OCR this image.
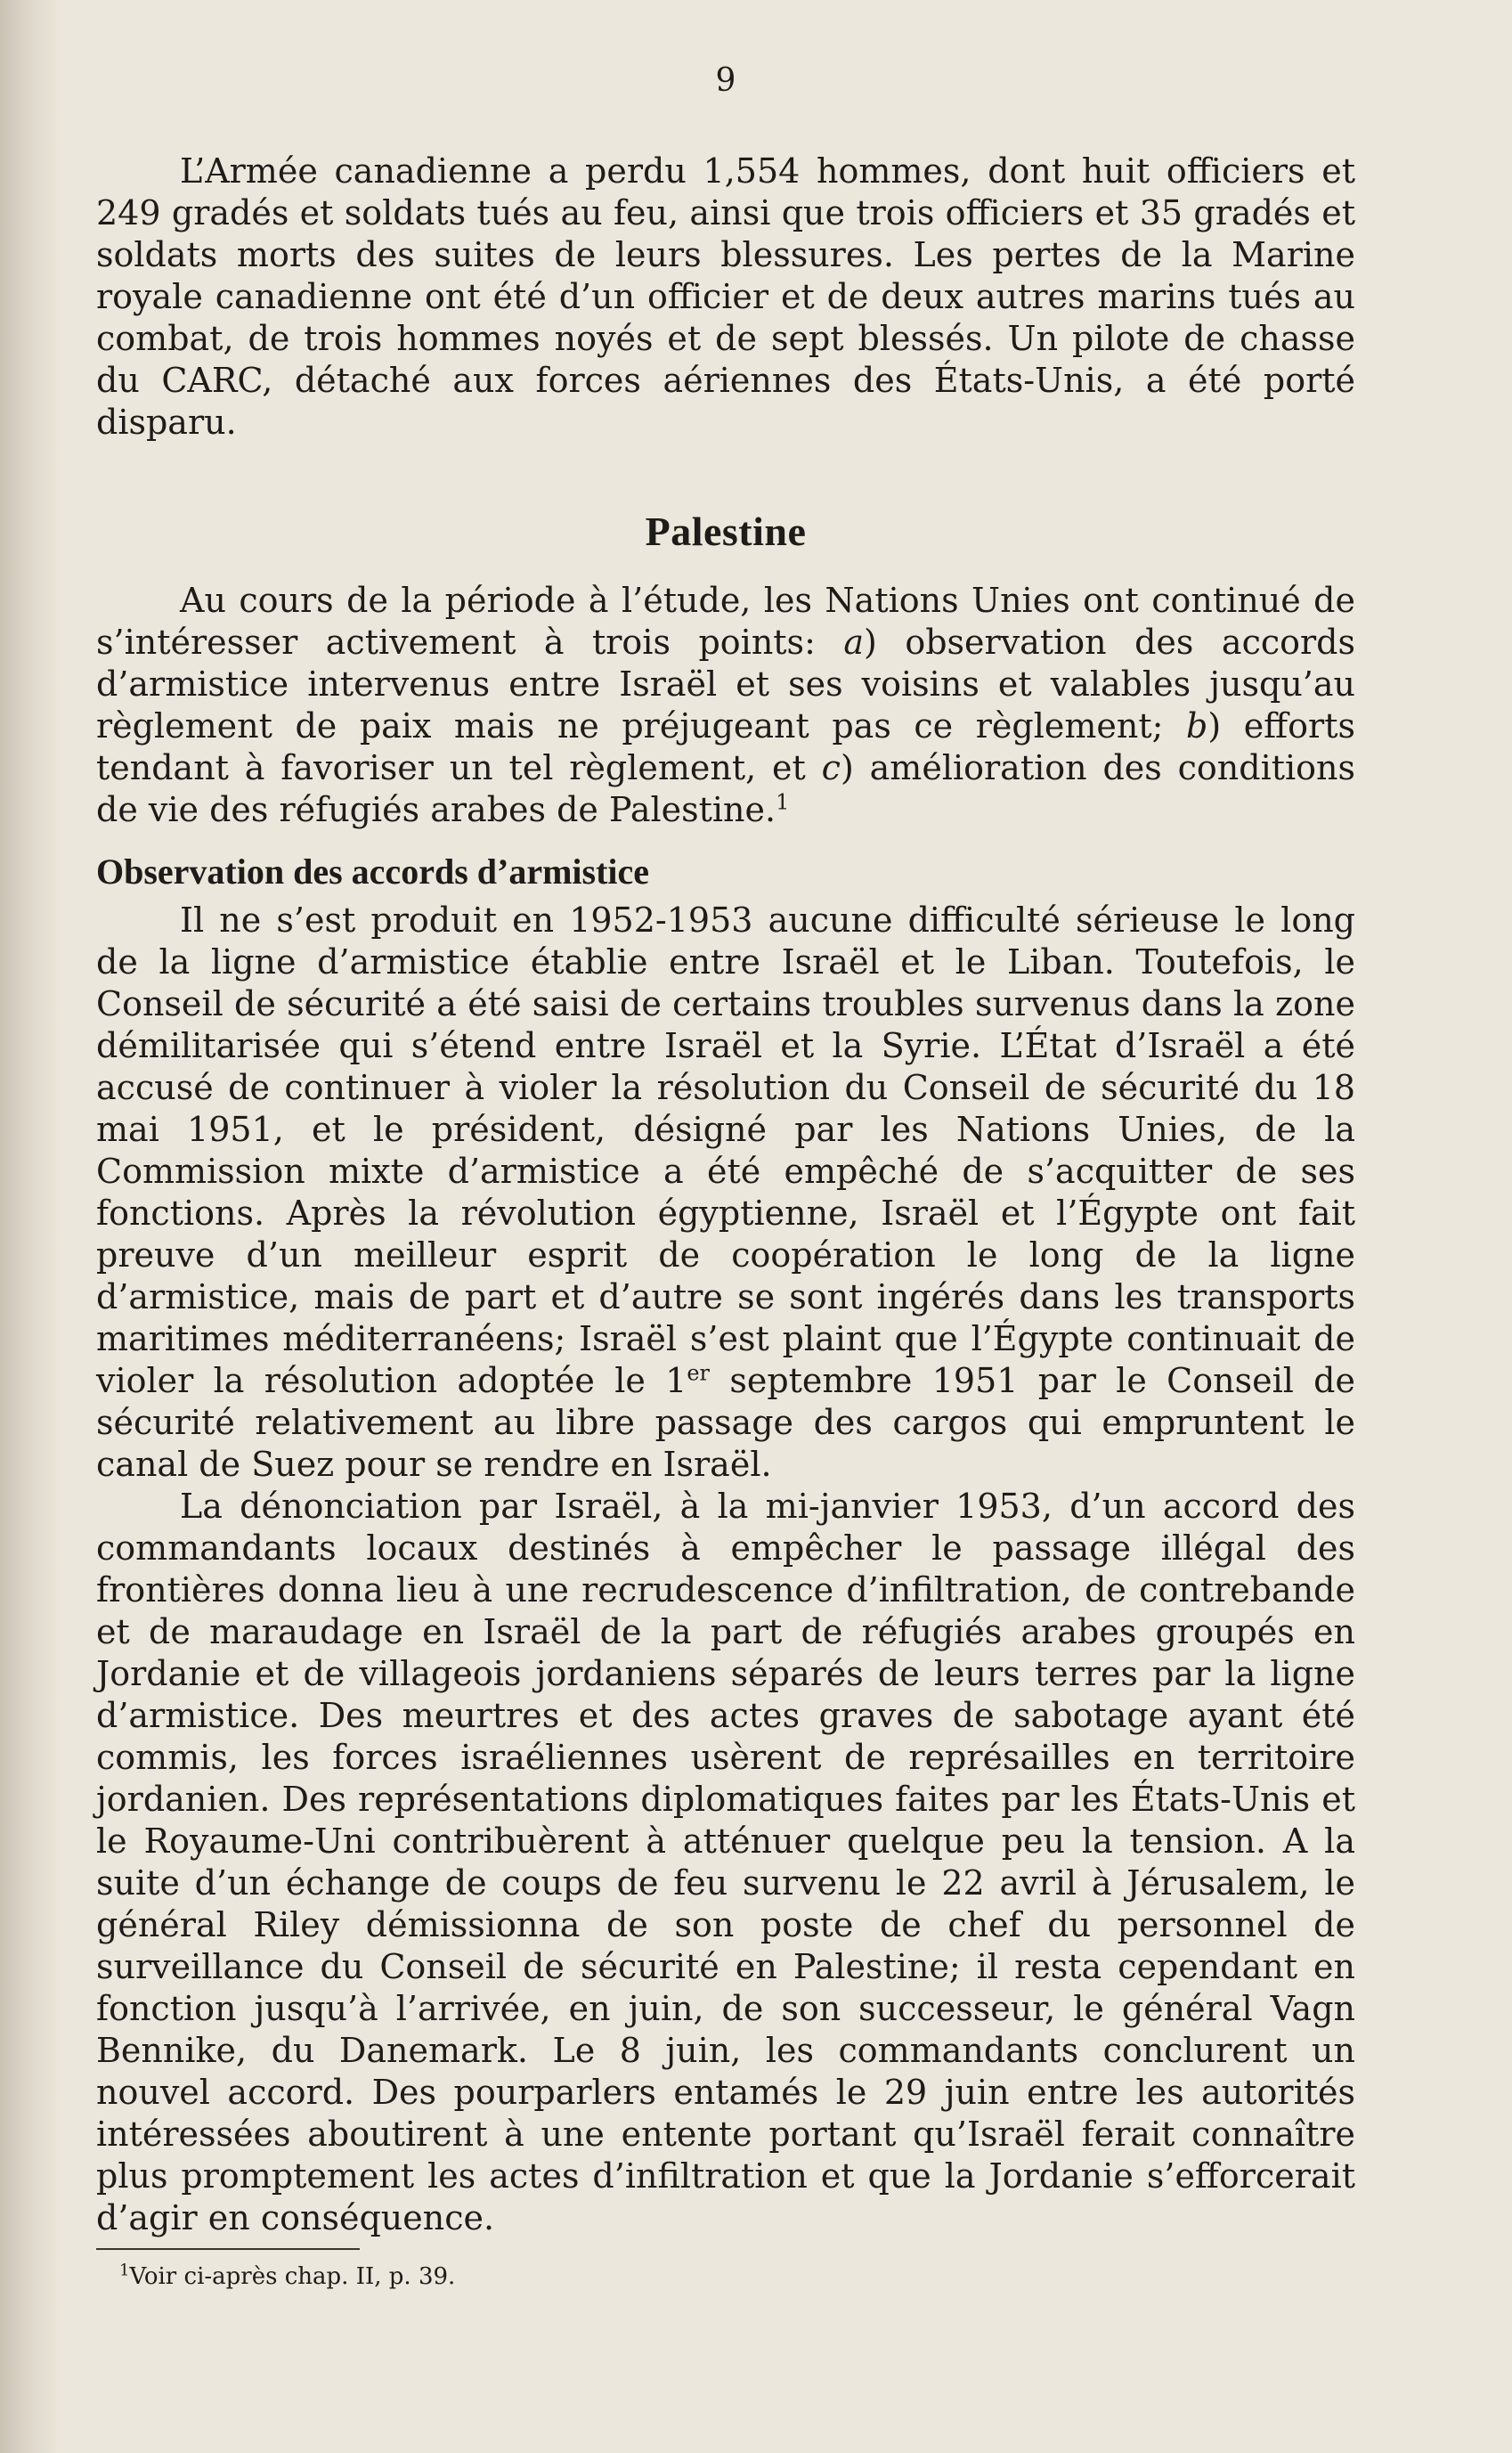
9

L’Armée canadienne a perdu 1,554 hommes, dont huit officiers et 249 gradés et soldats tués au feu, ainsi que trois officiers et 35 gradés et soldats morts des suites de leurs blessures. Les pertes de la Marine royale canadienne ont été d’un officier et de deux autres marins tués au combat, de trois hommes noyés et de sept blessés. Un pilote de chasse du CARC, détaché aux forces aériennes des États-Unis, a été porté disparu.

Palestine

Au cours de la période à l’étude, les Nations Unies ont continué de s’intéresser activement à trois points: a) observation des accords d’armistice intervenus entre Israël et ses voisins et valables jusqu’au règlement de paix mais ne préjugeant pas ce règlement; b) efforts tendant à favoriser un tel règlement, et c) amélioration des conditions de vie des réfugiés arabes de Palestine.$^1$

Observation des accords d’armistice

Il ne s’est produit en 1952-1953 aucune difficulté sérieuse le long de la ligne d’armistice établie entre Israël et le Liban. Toutefois, le Conseil de sécurité a été saisi de certains troubles survenus dans la zone démilitarisée qui s’étend entre Israël et la Syrie. L’État d’Israël a été accusé de continuer à violer la résolution du Conseil de sécurité du 18 mai 1951, et le président, désigné par les Nations Unies, de la Commission mixte d’armistice a été empêché de s’acquitter de ses fonctions. Après la révolution égyptienne, Israël et l’Égypte ont fait preuve d’un meilleur esprit de coopération le long de la ligne d’armistice, mais de part et d’autre se sont ingérés dans les transports maritimes méditerranéens; Israël s’est plaint que l’Égypte continuait de violer la résolution adoptée le 1er septembre 1951 par le Conseil de sécurité relativement au libre passage des cargos qui empruntent le canal de Suez pour se rendre en Israël.

La dénonciation par Israël, à la mi-janvier 1953, d’un accord des commandants locaux destinés à empêcher le passage illégal des frontières donna lieu à une recrudescence d’infiltration, de contrebande et de maraudage en Israël de la part de réfugiés arabes groupés en Jordanie et de villageois jordaniens séparés de leurs terres par la ligne d’armistice. Des meurtres et des actes graves de sabotage ayant été commis, les forces israéliennes usèrent de représailles en territoire jordanien. Des représentations diplomatiques faites par les États-Unis et le Royaume-Uni contribuèrent à atténuer quelque peu la tension. A la suite d’un échange de coups de feu survenu le 22 avril à Jérusalem, le général Riley démissionna de son poste de chef du personnel de surveillance du Conseil de sécurité en Palestine; il resta cependant en fonction jusqu’à l’arrivée, en juin, de son successeur, le général Vagn Bennike, du Danemark. Le 8 juin, les commandants conclurent un nouvel accord. Des pourparlers entamés le 29 juin entre les autorités intéressées aboutirent à une entente portant qu’Israël ferait connaître plus promptement les actes d’infiltration et que la Jordanie s’efforcerait d’agir en conséquence.

$^1$Voir ci-après chap. II, p. 39.
